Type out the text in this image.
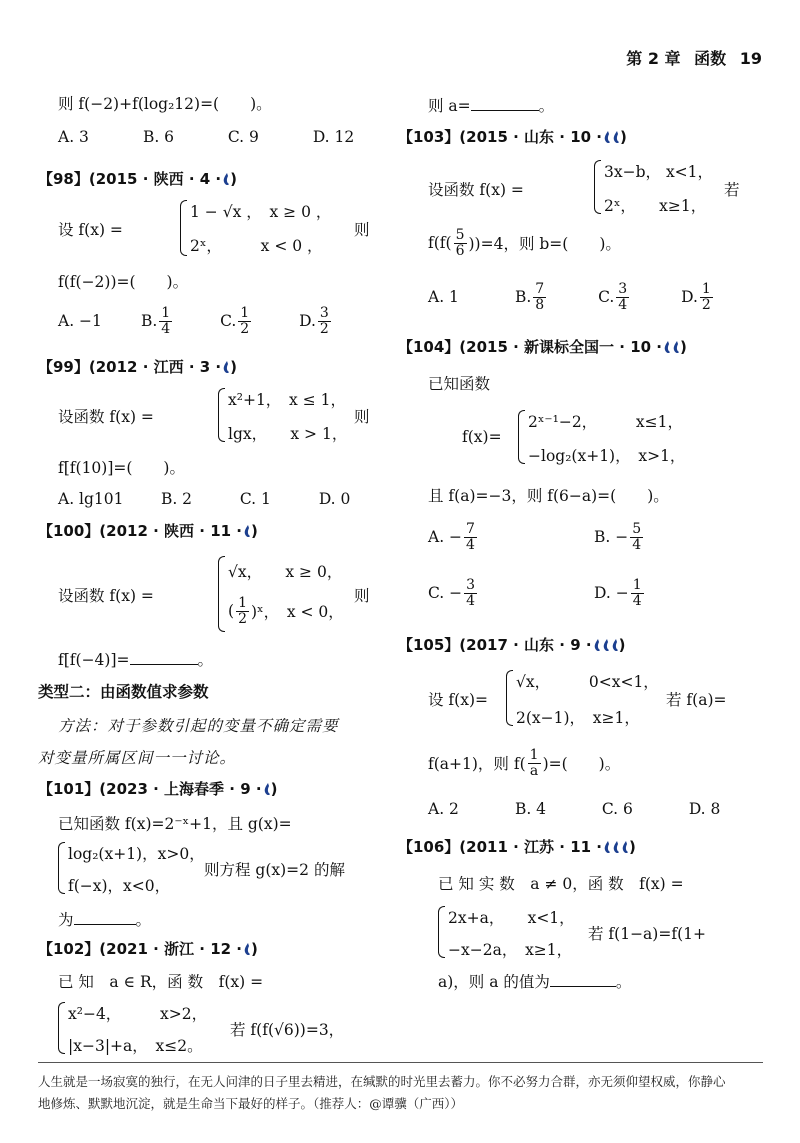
第 2 章 函数 19
则 f(−2)+f(log₂12)=(　　)。
A. 3	B. 6	C. 9	D. 12
【98】(2015 · 陕西 · 4 · )
设 f(x) =
1 − √x ，　x ≥ 0 ，
2ˣ，　　　x < 0 ，
则
f(f(−2))=(　　)。
A. −1	B. $\frac{1}{4}$	C. $\frac{1}{2}$	D. $\frac{3}{2}$
【99】(2012 · 江西 · 3 · )
设函数 f(x) =
x²+1，　x ≤ 1，
lgx，　　x > 1，
则
f[f(10)]=(　　)。
A. lg101 B. 2	C. 1	D. 0
【100】(2012 · 陕西 · 11 · )
设函数 f(x) =
√x，　　x ≥ 0，
( $\frac{1}{2}$ )ˣ，　x < 0，
则
f[f(−4)]=	。
类型二：由函数值求参数
方法：对于参数引起的变量不确定需要
对变量所属区间一一讨论。
【101】(2023 · 上海春季 · 9 · )
已知函数 f(x)=2⁻ˣ+1，且 g(x)=
log₂(x+1)，x>0，
f(−x)，x<0，
则方程 g(x)=2 的解
为	。
【102】(2021 · 浙江 · 12 · )
已 知　a ∈ R，函 数　f(x) =
x²−4，　　　x>2，
|x−3|+a，　x≤2。
若 f(f(√6))=3，
则 a=	。
【103】(2015 · 山东 · 10 · )
设函数 f(x) =
3x−b， x<1，
2ˣ，　　x≥1，
若
$f(f( \frac{5}{6} ))=4$，则 b=(　　)。
A. 1	B. $\frac{7}{8}$	C. $\frac{3}{4}$	D. $\frac{1}{2}$
【104】(2015 · 新课标全国一 · 10 · )
已知函数
f(x)=
2ˣ⁻¹−2，　　　x≤1，
−log₂(x+1)，　x>1，
且 f(a)=−3，则 f(6−a)=(　　)。
A. − $\frac{7}{4}$	B. − $\frac{5}{4}$
C. − $\frac{3}{4}$	D. − $\frac{1}{4}$
【105】(2017 · 山东 · 9 · )
设 f(x)=
√x，　　　0<x<1，
2(x−1)，　x≥1，
若 f(a)=
f(a+1)，则 $f( \frac{1}{a}$ )=(　　)。
A. 2	B. 4	C. 6	D. 8
【106】(2011 · 江苏 · 11 · )
已 知 实 数　a ≠ 0，函 数　f(x) =
2x+a，　　x<1，
−x−2a，　x≥1，
若 f(1−a)=f(1+
a)，则 a 的值为	。
人生就是一场寂寞的独行，在无人问津的日子里去精进，在缄默的时光里去蓄力。你不必努力合群，亦无须仰望权威，你静心
地修炼、默默地沉淀，就是生命当下最好的样子。（推荐人：@谭骥（广西））
